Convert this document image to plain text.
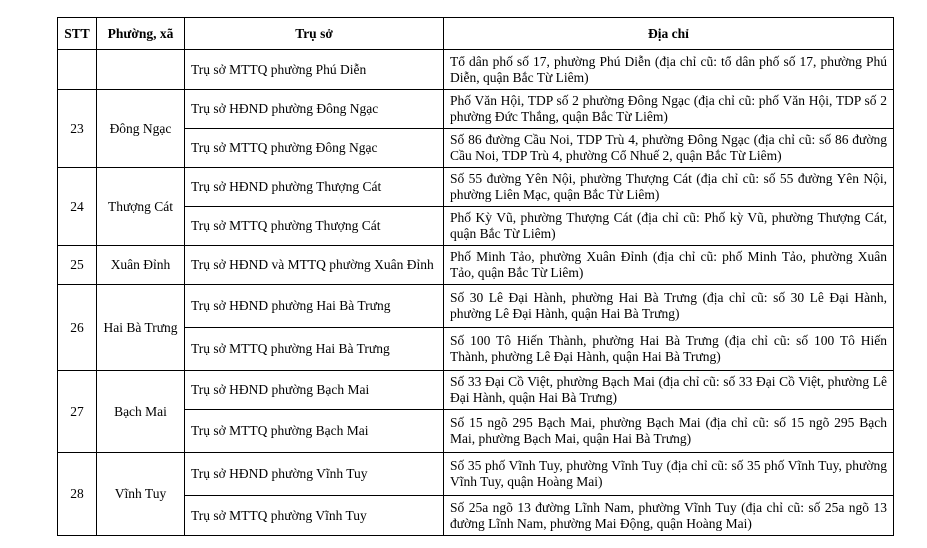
STT	Phường, xã	Trụ sở	Địa chỉ
		Trụ sở MTTQ phường Phú Diễn	Tổ dân phố số 17, phường Phú Diễn (địa chỉ cũ: tổ dân phố số 17, phường Phú Diễn, quận Bắc Từ Liêm)
23	Đông Ngạc	Trụ sở HĐND phường Đông Ngạc	Phố Văn Hội, TDP số 2 phường Đông Ngạc (địa chỉ cũ: phố Văn Hội, TDP số 2 phường Đức Thắng, quận Bắc Từ Liêm)
		Trụ sở MTTQ phường Đông Ngạc	Số 86 đường Cầu Noi, TDP Trù 4, phường Đông Ngạc (địa chỉ cũ: số 86 đường Cầu Noi, TDP Trù 4, phường Cổ Nhuế 2, quận Bắc Từ Liêm)
24	Thượng Cát	Trụ sở HĐND phường Thượng Cát	Số 55 đường Yên Nội, phường Thượng Cát (địa chỉ cũ: số 55 đường Yên Nội, phường Liên Mạc, quận Bắc Từ Liêm)
		Trụ sở MTTQ phường Thượng Cát	Phố Kỳ Vũ, phường Thượng Cát (địa chỉ cũ: Phố kỳ Vũ, phường Thượng Cát, quận Bắc Từ Liêm)
25	Xuân Đỉnh	Trụ sở HĐND và MTTQ phường Xuân Đỉnh	Phố Minh Tảo, phường Xuân Đỉnh (địa chỉ cũ: phố Minh Tảo, phường Xuân Tảo, quận Bắc Từ Liêm)
26	Hai Bà Trưng	Trụ sở HĐND phường Hai Bà Trưng	Số 30 Lê Đại Hành, phường Hai Bà Trưng (địa chỉ cũ: số 30 Lê Đại Hành, phường Lê Đại Hành, quận Hai Bà Trưng)
		Trụ sở MTTQ phường Hai Bà Trưng	Số 100 Tô Hiến Thành, phường Hai Bà Trưng (địa chỉ cũ: số 100 Tô Hiến Thành, phường Lê Đại Hành, quận Hai Bà Trưng)
27	Bạch Mai	Trụ sở HĐND phường Bạch Mai	Số 33 Đại Cồ Việt, phường Bạch Mai (địa chỉ cũ: số 33 Đại Cồ Việt, phường Lê Đại Hành, quận Hai Bà Trưng)
		Trụ sở MTTQ phường Bạch Mai	Số 15 ngõ 295 Bạch Mai, phường Bạch Mai (địa chỉ cũ: số 15 ngõ 295 Bạch Mai, phường Bạch Mai, quận Hai Bà Trưng)
28	Vĩnh Tuy	Trụ sở HĐND phường Vĩnh Tuy	Số 35 phố Vĩnh Tuy, phường Vĩnh Tuy (địa chỉ cũ: số 35 phố Vĩnh Tuy, phường Vĩnh Tuy, quận Hoàng Mai)
		Trụ sở MTTQ phường Vĩnh Tuy	Số 25a ngõ 13 đường Lĩnh Nam, phường Vĩnh Tuy (địa chỉ cũ: số 25a ngõ 13 đường Lĩnh Nam, phường Mai Động, quận Hoàng Mai)
